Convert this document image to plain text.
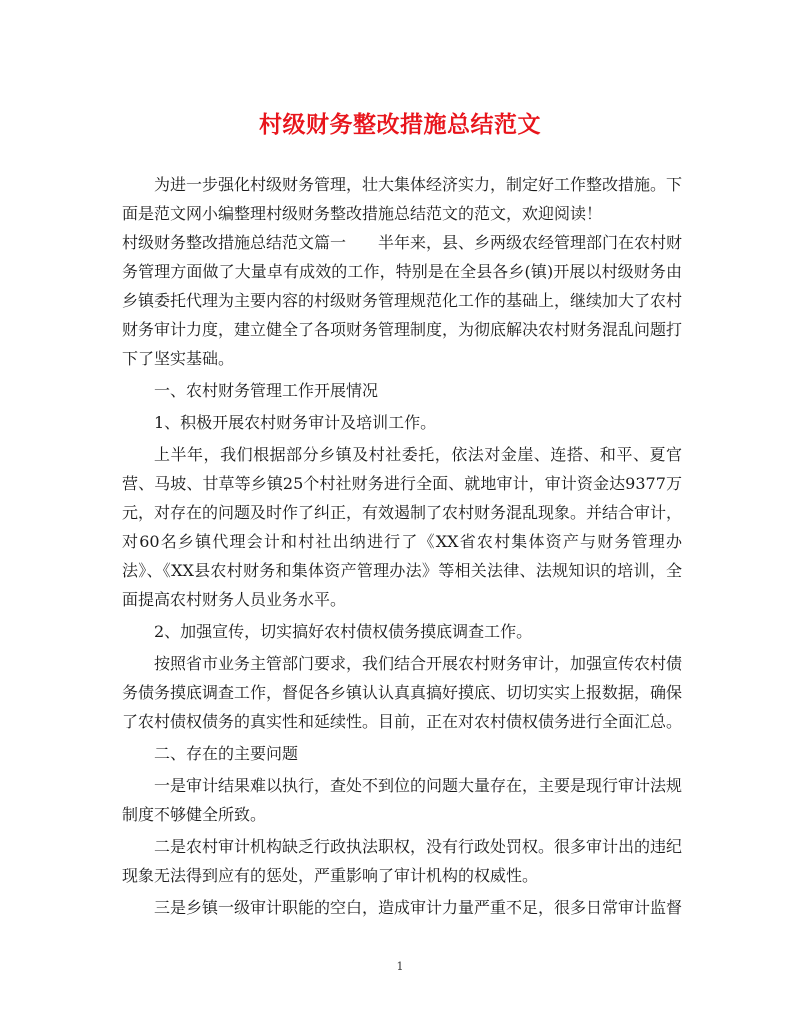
村级财务整改措施总结范文

为进一步强化村级财务管理，壮大集体经济实力，制定好工作整改措施。下面是范文网小编整理村级财务整改措施总结范文的范文，欢迎阅读！

村级财务整改措施总结范文篇一　　半年来，县、乡两级农经管理部门在农村财务管理方面做了大量卓有成效的工作，特别是在全县各乡(镇)开展以村级财务由乡镇委托代理为主要内容的村级财务管理规范化工作的基础上，继续加大了农村财务审计力度，建立健全了各项财务管理制度，为彻底解决农村财务混乱问题打下了坚实基础。

一、农村财务管理工作开展情况

1、积极开展农村财务审计及培训工作。

上半年，我们根据部分乡镇及村社委托，依法对金崖、连搭、和平、夏官营、马坡、甘草等乡镇25个村社财务进行全面、就地审计，审计资金达9377万元，对存在的问题及时作了纠正，有效遏制了农村财务混乱现象。并结合审计，对60名乡镇代理会计和村社出纳进行了《XX省农村集体资产与财务管理办法》、《XX县农村财务和集体资产管理办法》等相关法律、法规知识的培训，全面提高农村财务人员业务水平。

2、加强宣传，切实搞好农村债权债务摸底调查工作。

按照省市业务主管部门要求，我们结合开展农村财务审计，加强宣传农村债务债务摸底调查工作，督促各乡镇认认真真搞好摸底、切切实实上报数据，确保了农村债权债务的真实性和延续性。目前，正在对农村债权债务进行全面汇总。

二、存在的主要问题

一是审计结果难以执行，查处不到位的问题大量存在，主要是现行审计法规制度不够健全所致。

二是农村审计机构缺乏行政执法职权，没有行政处罚权。很多审计出的违纪现象无法得到应有的惩处，严重影响了审计机构的权威性。

三是乡镇一级审计职能的空白，造成审计力量严重不足，很多日常审计监督

1
